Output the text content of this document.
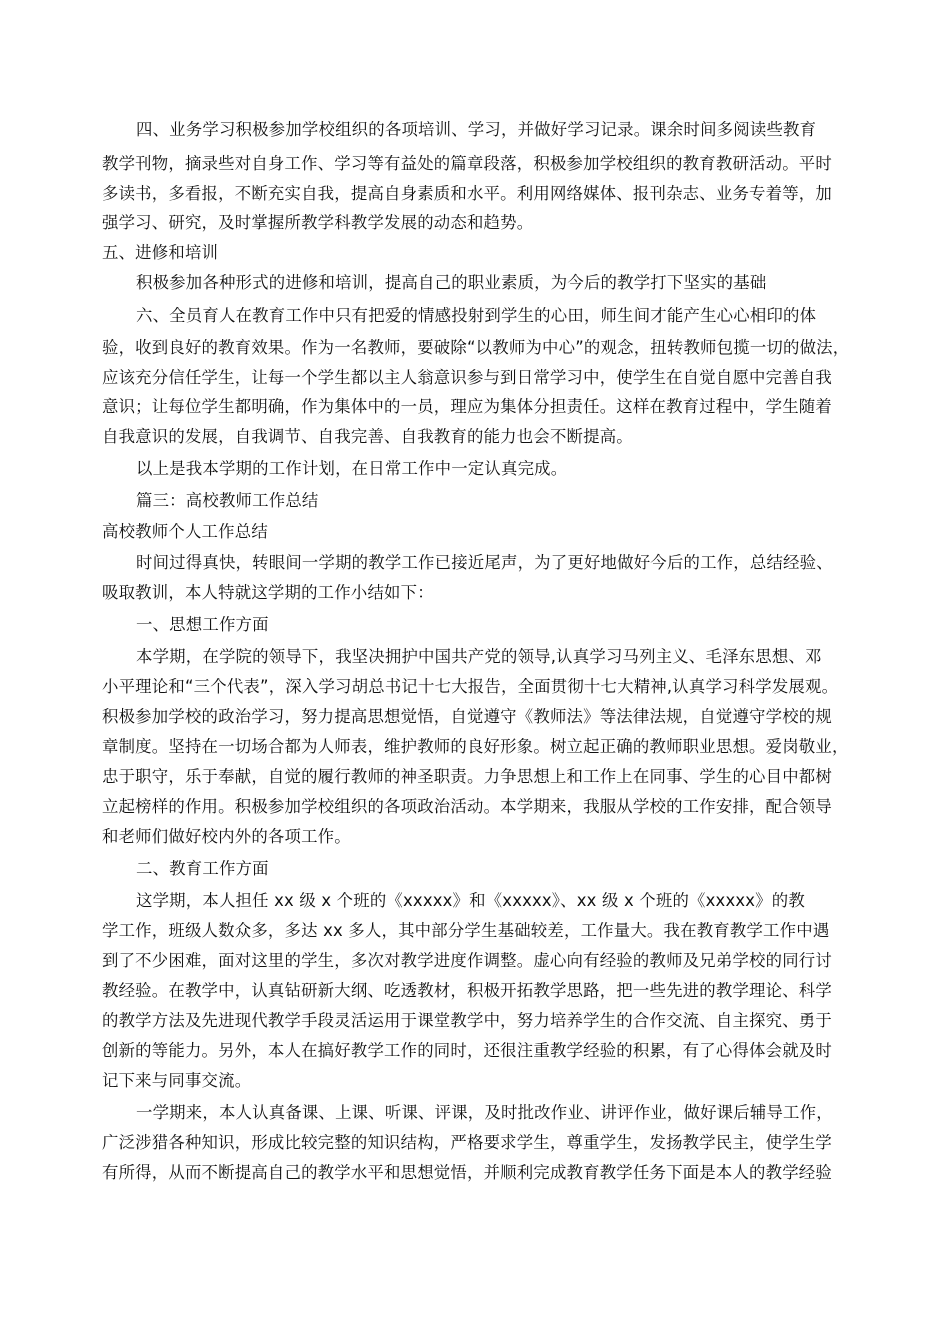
四、业务学习积极参加学校组织的各项培训、学习，并做好学习记录。课余时间多阅读些教育

教学刊物，摘录些对自身工作、学习等有益处的篇章段落，积极参加学校组织的教育教研活动。平时

多读书，多看报，不断充实自我，提高自身素质和水平。利用网络媒体、报刊杂志、业务专着等，加

强学习、研究，及时掌握所教学科教学发展的动态和趋势。

五、进修和培训

积极参加各种形式的进修和培训，提高自己的职业素质，为今后的教学打下坚实的基础

六、全员育人在教育工作中只有把爱的情感投射到学生的心田，师生间才能产生心心相印的体

验，收到良好的教育效果。作为一名教师，要破除“以教师为中心”的观念，扭转教师包揽一切的做法，

应该充分信任学生，让每一个学生都以主人翁意识参与到日常学习中，使学生在自觉自愿中完善自我

意识；让每位学生都明确，作为集体中的一员，理应为集体分担责任。这样在教育过程中，学生随着

自我意识的发展，自我调节、自我完善、自我教育的能力也会不断提高。

以上是我本学期的工作计划，在日常工作中一定认真完成。

篇三：高校教师工作总结

高校教师个人工作总结

时间过得真快，转眼间一学期的教学工作已接近尾声，为了更好地做好今后的工作，总结经验、

吸取教训，本人特就这学期的工作小结如下：

一、思想工作方面

本学期，在学院的领导下，我坚决拥护中国共产党的领导,认真学习马列主义、毛泽东思想、邓

小平理论和“三个代表”，深入学习胡总书记十七大报告，全面贯彻十七大精神,认真学习科学发展观。

积极参加学校的政治学习，努力提高思想觉悟，自觉遵守《教师法》等法律法规，自觉遵守学校的规

章制度。坚持在一切场合都为人师表，维护教师的良好形象。树立起正确的教师职业思想。爱岗敬业，

忠于职守，乐于奉献，自觉的履行教师的神圣职责。力争思想上和工作上在同事、学生的心目中都树

立起榜样的作用。积极参加学校组织的各项政治活动。本学期来，我服从学校的工作安排，配合领导

和老师们做好校内外的各项工作。

二、教育工作方面

这学期，本人担任 xx 级 x 个班的《xxxxx》和《xxxxx》、xx 级 x 个班的《xxxxx》的教

学工作，班级人数众多，多达 xx 多人，其中部分学生基础较差，工作量大。我在教育教学工作中遇

到了不少困难，面对这里的学生，多次对教学进度作调整。虚心向有经验的教师及兄弟学校的同行讨

教经验。在教学中，认真钻研新大纲、吃透教材，积极开拓教学思路，把一些先进的教学理论、科学

的教学方法及先进现代教学手段灵活运用于课堂教学中，努力培养学生的合作交流、自主探究、勇于

创新的等能力。另外，本人在搞好教学工作的同时，还很注重教学经验的积累，有了心得体会就及时

记下来与同事交流。

一学期来，本人认真备课、上课、听课、评课，及时批改作业、讲评作业，做好课后辅导工作，

广泛涉猎各种知识，形成比较完整的知识结构，严格要求学生，尊重学生，发扬教学民主，使学生学

有所得，从而不断提高自己的教学水平和思想觉悟，并顺利完成教育教学任务下面是本人的教学经验
